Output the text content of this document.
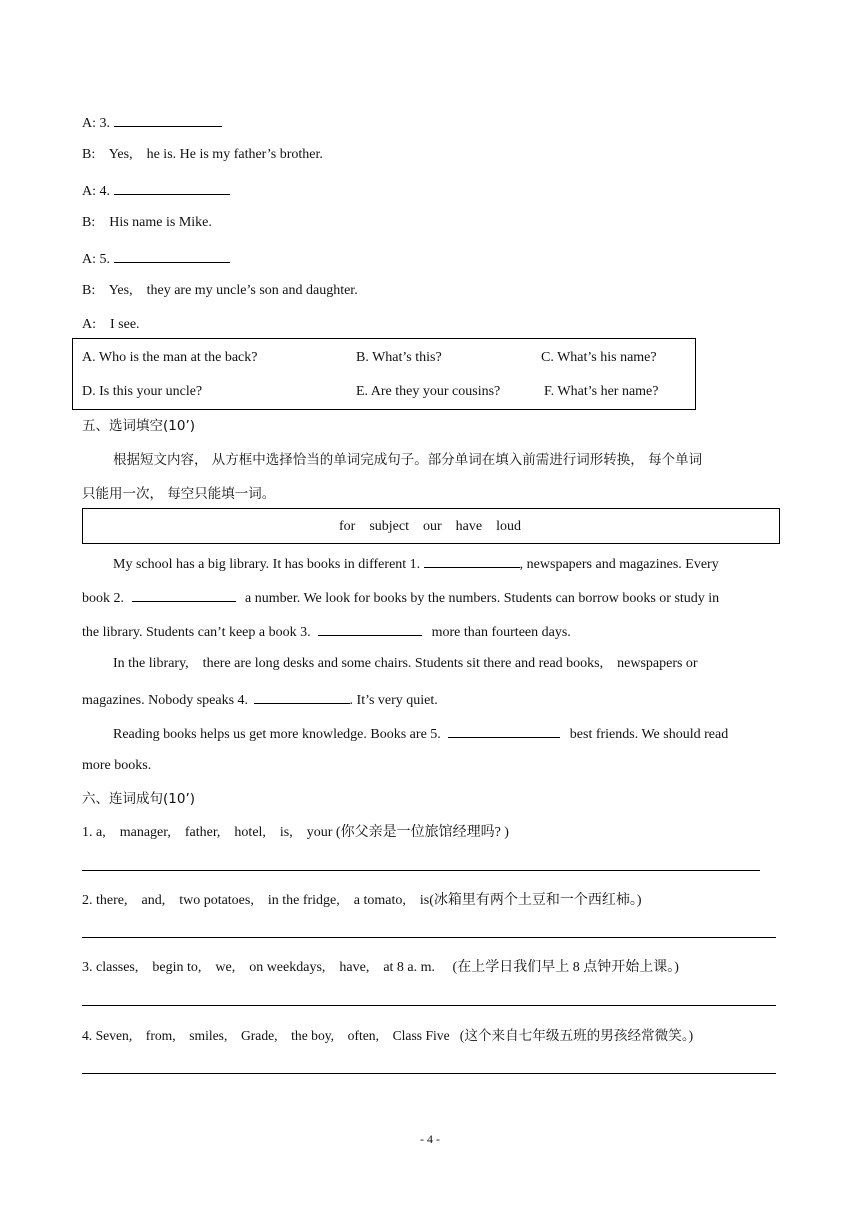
A: 3.
B: Yes,    he is. He is my father’s brother.
A: 4.
B: His name is Mike.
A: 5.
B: Yes,    they are my uncle’s son and daughter.
A: I see.
A. Who is the man at the back?	B. What’s this?	C. What’s his name?
D. Is this your uncle?	E. Are they your cousins?	F. What’s her name?
五、选词填空(10’)
根据短文内容， 从方框中选择恰当的单词完成句子。部分单词在填入前需进行词形转换， 每个单词
只能用一次， 每空只能填一词。
for    subject    our    have    loud
My school has a big library. It has books in different 1.	, newspapers and magazines. Every
book 2.	a number. We look for books by the numbers. Students can borrow books or study in
the library. Students can’t keep a book 3.	more than fourteen days.
In the library,    there are long desks and some chairs. Students sit there and read books,    newspapers or
magazines. Nobody speaks 4.	. It’s very quiet.
Reading books helps us get more knowledge. Books are 5.	best friends. We should read
more books.
六、连词成句(10’)
1. a,    manager,    father,    hotel,    is,    your (你父亲是一位旅馆经理吗? )
2. there,    and,    two potatoes,    in the fridge,    a tomato,    is(冰箱里有两个土豆和一个西红柿。)
3. classes,    begin to,    we,    on weekdays,    have,    at 8 a. m.     (在上学日我们早上 8 点钟开始上课。)
4. Seven,    from,    smiles,    Grade,    the boy,    often,    Class Five   (这个来自七年级五班的男孩经常微笑。)
- 4 -
